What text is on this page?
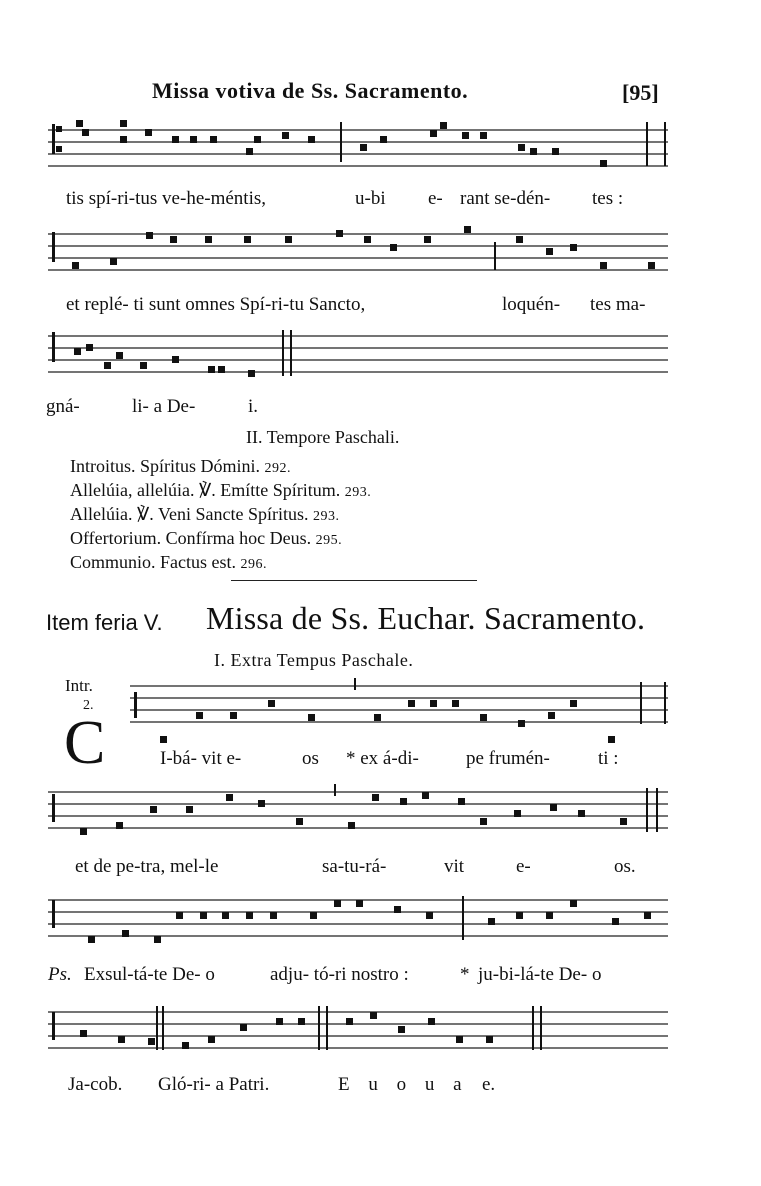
Missa votiva de Ss. Sacramento.	[95]
tis spí-ri-tus ve-he-méntis,	u-bi e- rant se-dén- tes :
et replé- ti sunt omnes Spí-ri-tu Sancto,	loquén- tes ma-
gná-	li- a De-	i.
II. Tempore Paschali.
Introitus. Spíritus Dómini. 292.
Allelúia, allelúia. ℣. Emítte Spíritum. 293.
Allelúia. ℣. Veni Sancte Spíritus. 293.
Offertorium. Confírma hoc Deus. 295.
Communio. Factus est. 296.
Item feria V. Missa de Ss. Euchar. Sacramento.
I. Extra Tempus Paschale.
Intr.
2.
C	I-bá- vit e-	os * ex á-di- pe frumén-	ti :
et de pe-tra, mel-le	sa-tu-rá-	vit	e-	os.
Ps. Exsul-tá-te De- o	adju- tó-ri nostro :	* ju-bi-lá-te De- o
Ja-cob. Gló-ri- a Patri.	E u o u a e.
